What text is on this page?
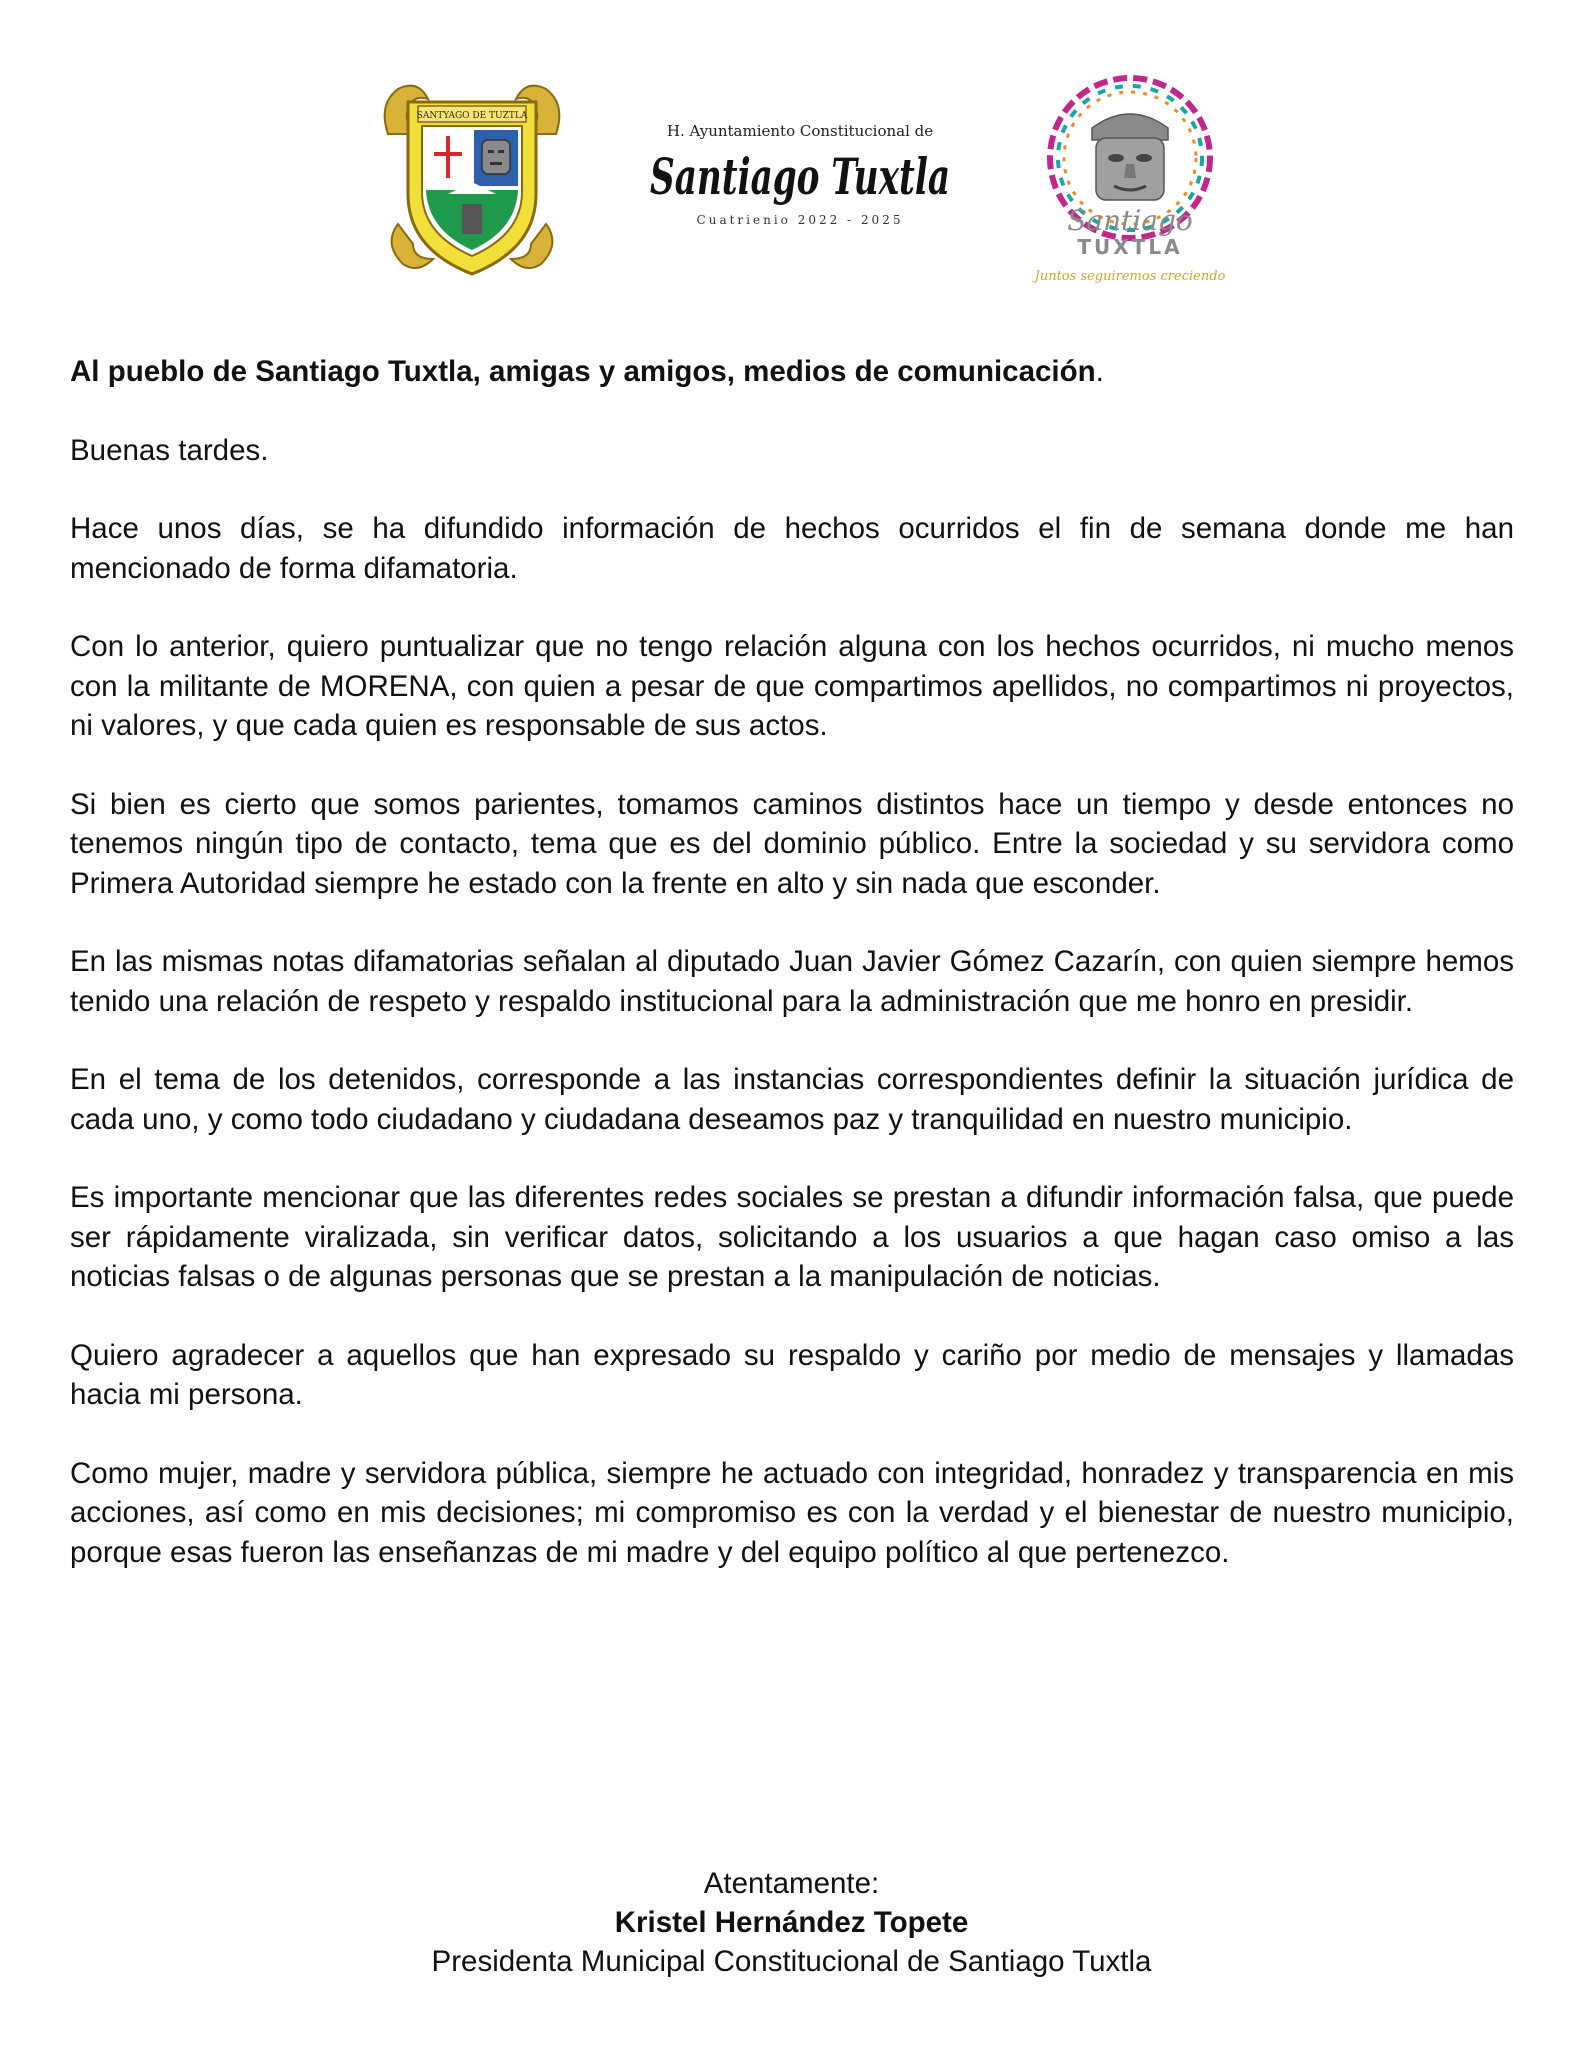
SANTYAGO DE TUZTLA
H. Ayuntamiento Constitucional de
Santiago Tuxtla
Cuatrienio 2022 - 2025	Santiago
TUXTLA
Juntos seguiremos creciendo

Al pueblo de Santiago Tuxtla, amigas y amigos, medios de comunicación.

Buenas tardes.

Hace unos días, se ha difundido información de hechos ocurridos el fin de semana donde me han mencionado de forma difamatoria.

Con lo anterior, quiero puntualizar que no tengo relación alguna con los hechos ocurridos, ni mucho menos con la militante de MORENA, con quien a pesar de que compartimos apellidos, no compartimos ni proyectos, ni valores, y que cada quien es responsable de sus actos.

Si bien es cierto que somos parientes, tomamos caminos distintos hace un tiempo y desde entonces no tenemos ningún tipo de contacto, tema que es del dominio público. Entre la sociedad y su servidora como Primera Autoridad siempre he estado con la frente en alto y sin nada que esconder.

En las mismas notas difamatorias señalan al diputado Juan Javier Gómez Cazarín, con quien siempre hemos tenido una relación de respeto y respaldo institucional para la administración que me honro en presidir.

En el tema de los detenidos, corresponde a las instancias correspondientes definir la situación jurídica de cada uno, y como todo ciudadano y ciudadana deseamos paz y tranquilidad en nuestro municipio.

Es importante mencionar que las diferentes redes sociales se prestan a difundir información falsa, que puede ser rápidamente viralizada, sin verificar datos, solicitando a los usuarios a que hagan caso omiso a las noticias falsas o de algunas personas que se prestan a la manipulación de noticias.

Quiero agradecer a aquellos que han expresado su respaldo y cariño por medio de mensajes y llamadas hacia mi persona.

Como mujer, madre y servidora pública, siempre he actuado con integridad, honradez y transparencia en mis acciones, así como en mis decisiones; mi compromiso es con la verdad y el bienestar de nuestro municipio, porque esas fueron las enseñanzas de mi madre y del equipo político al que pertenezco.

Atentamente:
Kristel Hernández Topete
Presidenta Municipal Constitucional de Santiago Tuxtla
